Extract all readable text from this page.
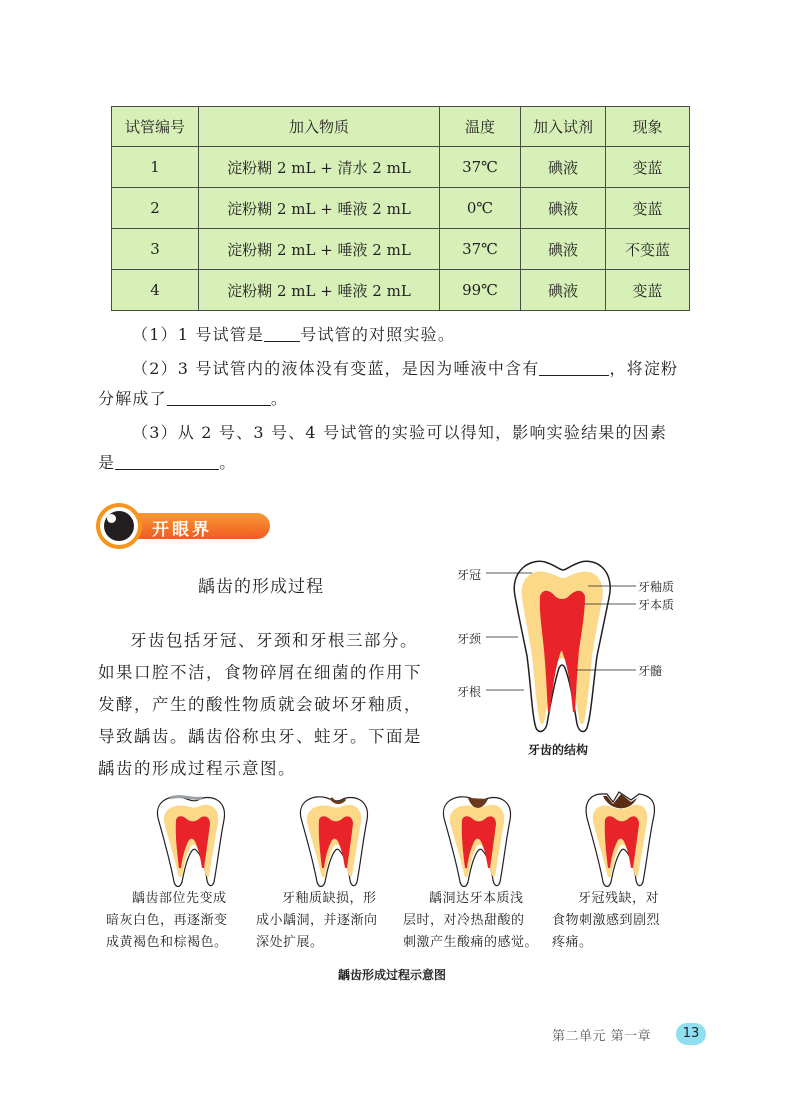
试管编号	加入物质	温度	加入试剂	现象
1	淀粉糊 2 mL + 清水 2 mL	37℃	碘液	变蓝
2	淀粉糊 2 mL + 唾液 2 mL	0℃	碘液	变蓝
3	淀粉糊 2 mL + 唾液 2 mL	37℃	碘液	不变蓝
4	淀粉糊 2 mL + 唾液 2 mL	99℃	碘液	变蓝
（1）1 号试管是 号试管的对照实验。
（2）3 号试管内的液体没有变蓝，是因为唾液中含有	，将淀粉
分解成了	。
（3）从 2 号、3 号、4 号试管的实验可以得知，影响实验结果的因素
是	。
开眼界
龋齿的形成过程
牙齿包括牙冠、牙颈和牙根三部分。
如果口腔不洁，食物碎屑在细菌的作用下
发酵，产生的酸性物质就会破坏牙釉质，
导致龋齿。龋齿俗称虫牙、蛀牙。下面是
龋齿的形成过程示意图。
牙冠
牙颈
牙根
牙釉质
牙本质
牙髓
牙齿的结构
龋齿部位先变成
暗灰白色，再逐渐变
成黄褐色和棕褐色。
牙釉质缺损，形
成小龋洞，并逐渐向
深处扩展。
龋洞达牙本质浅
层时，对冷热甜酸的
刺激产生酸痛的感觉。
牙冠残缺，对
食物刺激感到剧烈
疼痛。
龋齿形成过程示意图
第二单元 第一章	13
